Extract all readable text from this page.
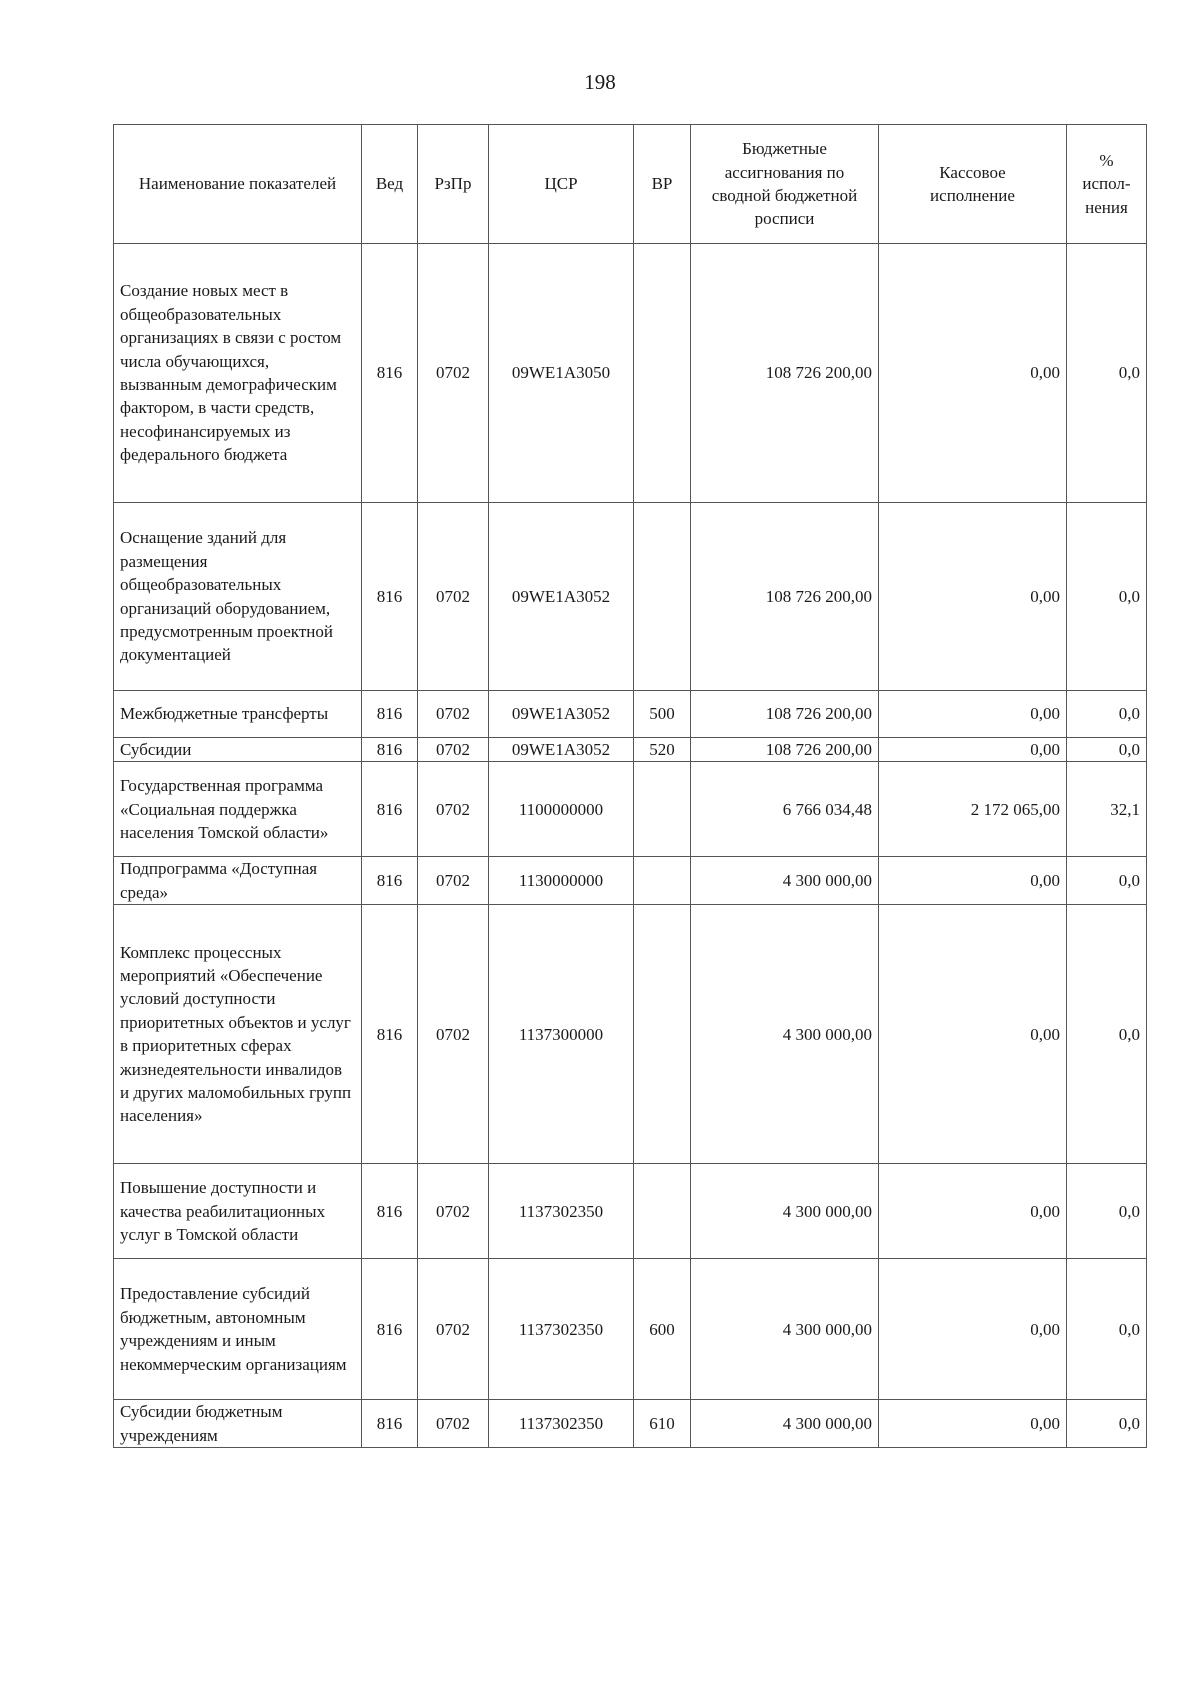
198
Наименование показателей	Вед	РзПр	ЦСР	ВР	Бюджетные ассигнования по сводной бюджетной росписи	Кассовое исполнение	% испол-нения
Создание новых мест в общеобразовательных организациях в связи с ростом числа обучающихся, вызванным демографическим фактором, в части средств, несофинансируемых из федерального бюджета	816	0702	09WE1A3050		108 726 200,00	0,00	0,0
Оснащение зданий для размещения общеобразовательных организаций оборудованием, предусмотренным проектной документацией	816	0702	09WE1A3052		108 726 200,00	0,00	0,0
Межбюджетные трансферты	816	0702	09WE1A3052	500	108 726 200,00	0,00	0,0
Субсидии	816	0702	09WE1A3052	520	108 726 200,00	0,00	0,0
Государственная программа «Социальная поддержка населения Томской области»	816	0702	1100000000		6 766 034,48	2 172 065,00	32,1
Подпрограмма «Доступная среда»	816	0702	1130000000		4 300 000,00	0,00	0,0
Комплекс процессных мероприятий «Обеспечение условий доступности приоритетных объектов и услуг в приоритетных сферах жизнедеятельности инвалидов и других маломобильных групп населения»	816	0702	1137300000		4 300 000,00	0,00	0,0
Повышение доступности и качества реабилитационных услуг в Томской области	816	0702	1137302350		4 300 000,00	0,00	0,0
Предоставление субсидий бюджетным, автономным учреждениям и иным некоммерческим организациям	816	0702	1137302350	600	4 300 000,00	0,00	0,0
Субсидии бюджетным учреждениям	816	0702	1137302350	610	4 300 000,00	0,00	0,0
